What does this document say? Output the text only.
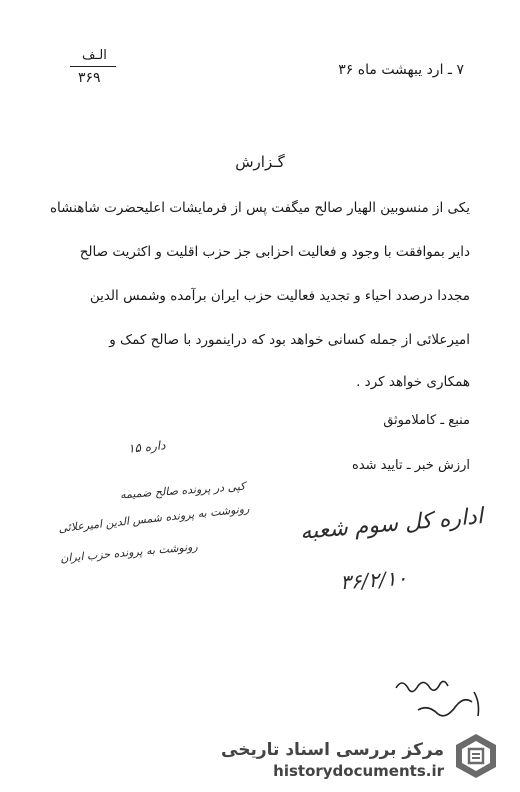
۷ ـ ارد یبهشت ماه ۳۶
الـف
۳۶۹
گـزارش
یکی از منسوبین الهیار صالح میگفت پس از فرمایشات اعلیحضرت شاهنشاه
دایر بموافقت با وجود و فعالیت احزابی جز حزب اقلیت و اکثریت صالح
مجددا درصدد احیاء و تجدید فعالیت حزب ایران برآمده وشمس الدین
امیرعلائی از جمله کسانی خواهد بود که دراینمورد با صالح کمک و
همکاری خواهد کرد .
منبع ـ کاملاموثق
ارزش خبر ـ تایید شده
داره ۱۵
کپی در پرونده صالح ضمیمه
رونوشت به پرونده شمس الدین امیرعلائی
رونوشت به پرونده حزب ایران
اداره کل سوم شعبه
۳۶/۲/۱۰
مرکز بررسی اسناد تاریخی
historydocuments.ir
